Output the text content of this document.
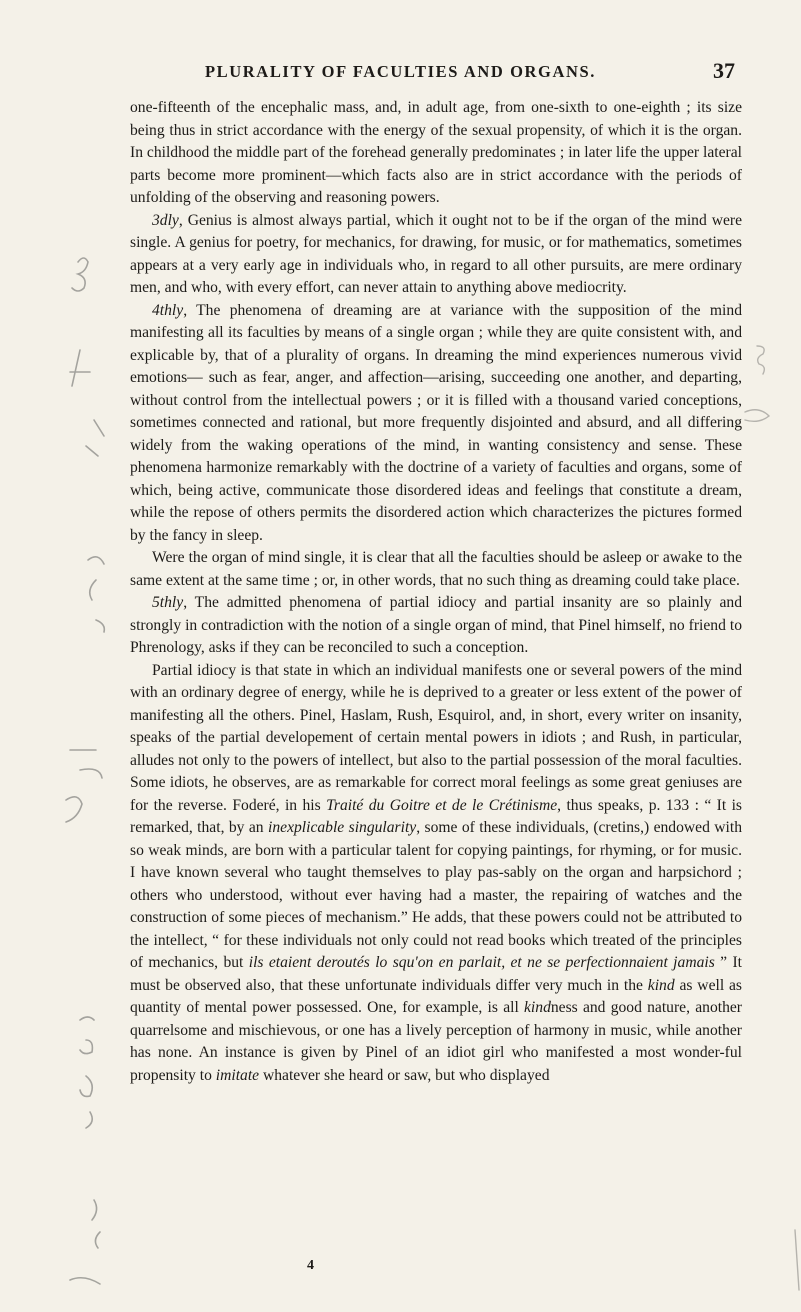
PLURALITY OF FACULTIES AND ORGANS.	37

one-fifteenth of the encephalic mass, and, in adult age, from one-sixth to one-eighth ; its size being thus in strict accordance with the energy of the sexual propensity, of which it is the organ. In childhood the middle part of the forehead generally predominates ; in later life the upper lateral parts become more prominent—which facts also are in strict accordance with the periods of unfolding of the observing and reasoning powers.

3dly, Genius is almost always partial, which it ought not to be if the organ of the mind were single. A genius for poetry, for mechanics, for drawing, for music, or for mathematics, sometimes appears at a very early age in individuals who, in regard to all other pursuits, are mere ordinary men, and who, with every effort, can never attain to anything above mediocrity.

4thly, The phenomena of dreaming are at variance with the supposition of the mind manifesting all its faculties by means of a single organ ; while they are quite consistent with, and explicable by, that of a plurality of organs. In dreaming the mind experiences numerous vivid emotions— such as fear, anger, and affection—arising, succeeding one another, and departing, without control from the intellectual powers ; or it is filled with a thousand varied conceptions, sometimes connected and rational, but more frequently disjointed and absurd, and all differing widely from the waking operations of the mind, in wanting consistency and sense. These phenomena harmonize remarkably with the doctrine of a variety of faculties and organs, some of which, being active, communicate those disordered ideas and feelings that constitute a dream, while the repose of others permits the disordered action which characterizes the pictures formed by the fancy in sleep.

Were the organ of mind single, it is clear that all the faculties should be asleep or awake to the same extent at the same time ; or, in other words, that no such thing as dreaming could take place.

5thly, The admitted phenomena of partial idiocy and partial insanity are so plainly and strongly in contradiction with the notion of a single organ of mind, that Pinel himself, no friend to Phrenology, asks if they can be reconciled to such a conception.

Partial idiocy is that state in which an individual manifests one or several powers of the mind with an ordinary degree of energy, while he is deprived to a greater or less extent of the power of manifesting all the others. Pinel, Haslam, Rush, Esquirol, and, in short, every writer on insanity, speaks of the partial developement of certain mental powers in idiots ; and Rush, in particular, alludes not only to the powers of intellect, but also to the partial possession of the moral faculties. Some idiots, he observes, are as remarkable for correct moral feelings as some great geniuses are for the reverse. Foderé, in his Traité du Goitre et de le Crétinisme, thus speaks, p. 133 : “ It is remarked, that, by an inexplicable singularity, some of these individuals, (cretins,) endowed with so weak minds, are born with a particular talent for copying paintings, for rhyming, or for music. I have known several who taught themselves to play pas-sably on the organ and harpsichord ; others who understood, without ever having had a master, the repairing of watches and the construction of some pieces of mechanism.” He adds, that these powers could not be attributed to the intellect, “ for these individuals not only could not read books which treated of the principles of mechanics, but ils etaient deroutés lo squ'on en parlait, et ne se perfectionnaient jamais ” It must be observed also, that these unfortunate individuals differ very much in the kind as well as quantity of mental power possessed. One, for example, is all kindness and good nature, another quarrelsome and mischievous, or one has a lively perception of harmony in music, while another has none. An instance is given by Pinel of an idiot girl who manifested a most wonder-ful propensity to imitate whatever she heard or saw, but who displayed

4
